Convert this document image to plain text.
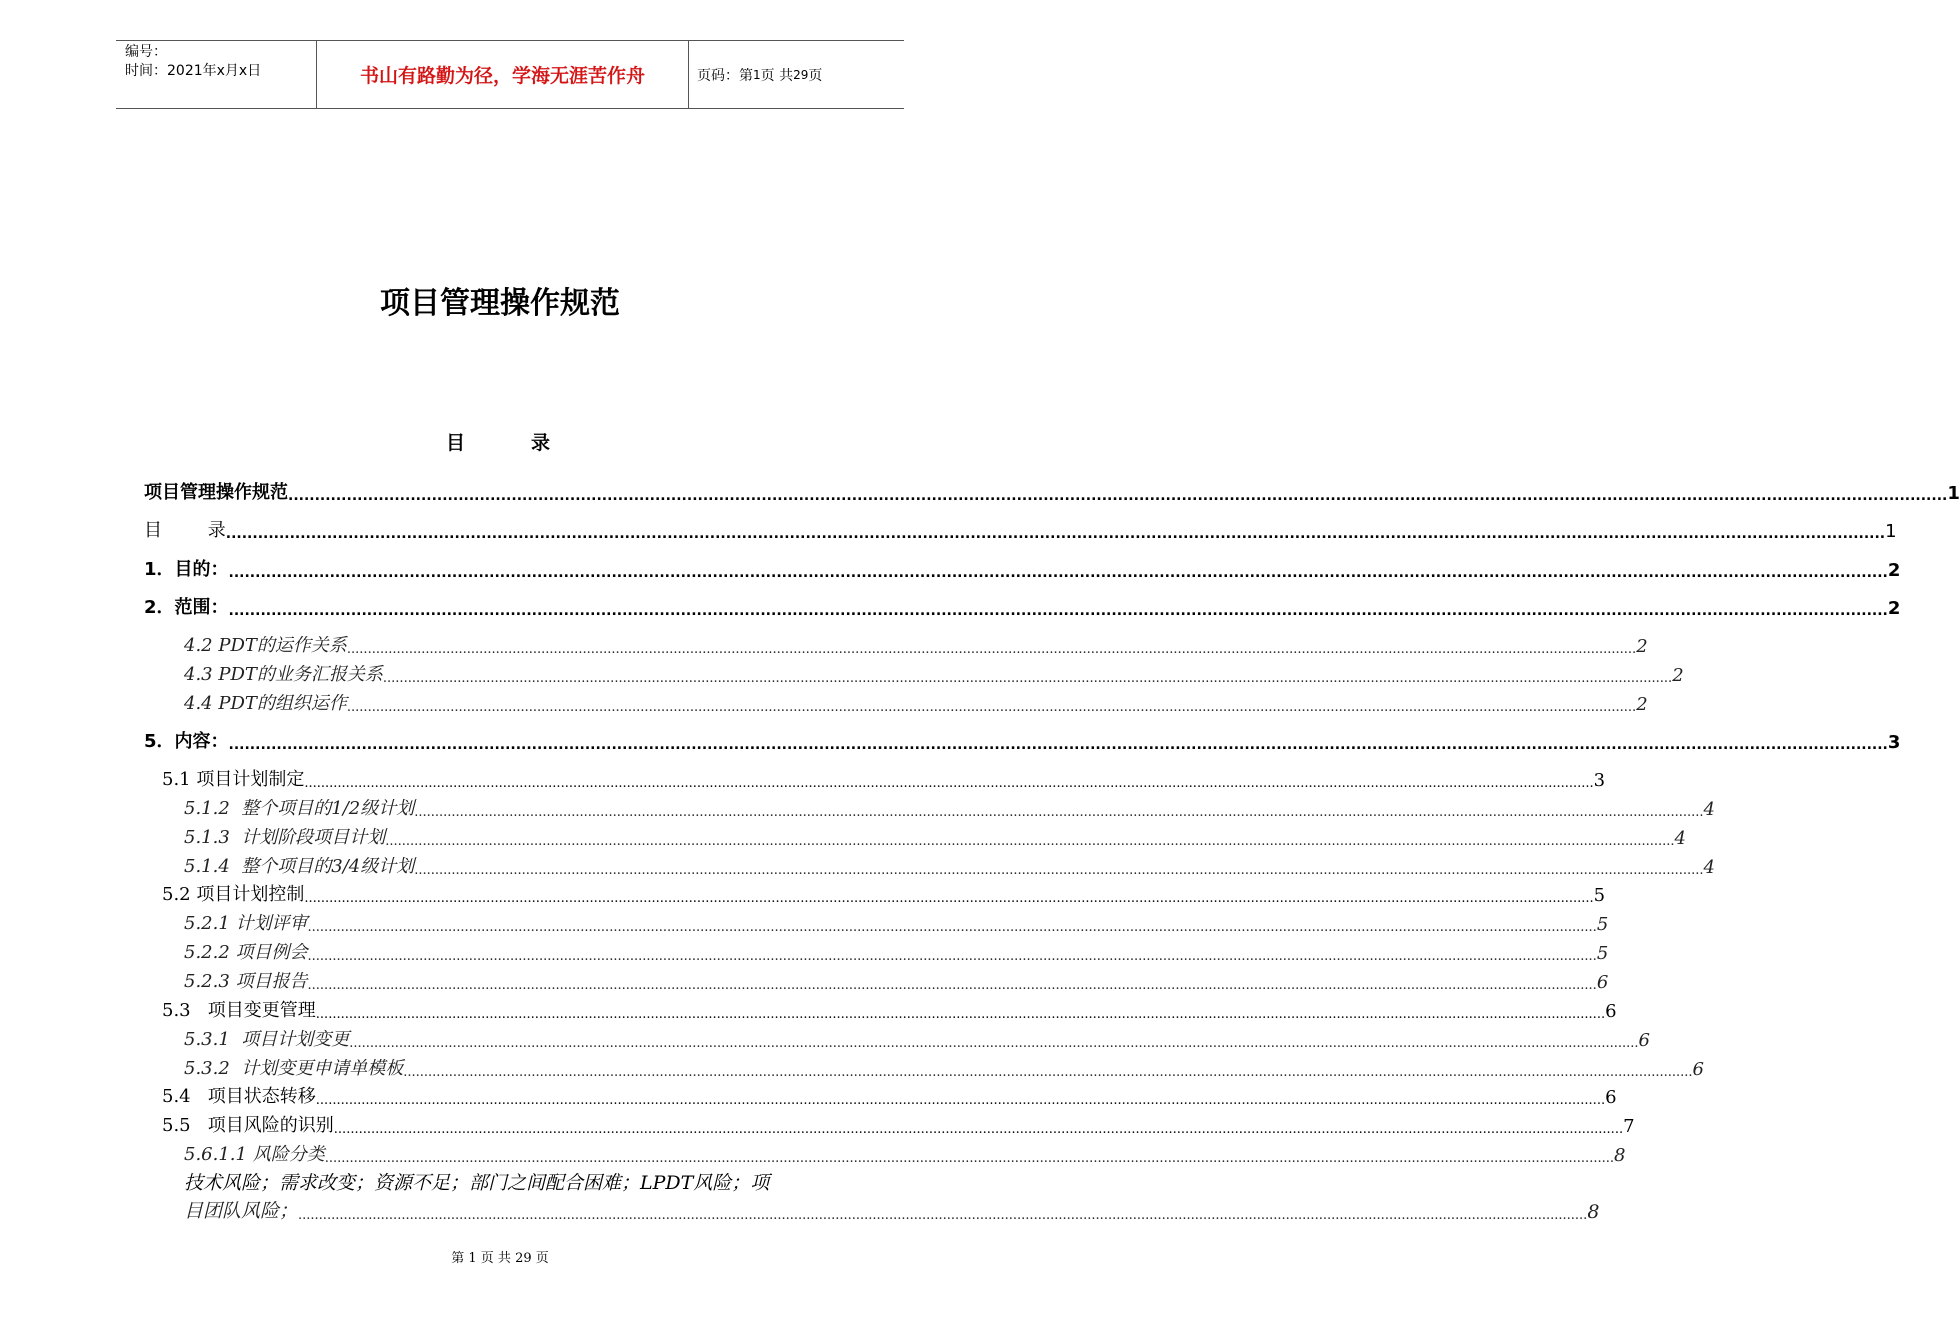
编号：
时间：2021年x月x日	书山有路勤为径，学海无涯苦作舟	页码：第 1 页 共 29 页
项目管理操作规范
目	录
项目管理操作规范 .....	1
目        录 .....	1
1．目的： .....	2
2．范围： .....	2
4.2 PDT的运作关系 .....	2
4.3 PDT的业务汇报关系 .....	2
4.4 PDT的组织运作 .....	2
5．内容： .....	3
5.1 项目计划制定 .....	3
5.1.2  整个项目的1/2级计划 .....	4
5.1.3  计划阶段项目计划 .....	4
5.1.4  整个项目的3/4级计划 .....	4
5.2 项目计划控制 .....	5
5.2.1 计划评审 .....	5
5.2.2 项目例会 .....	5
5.2.3 项目报告 .....	6
5.3   项目变更管理 .....	6
5.3.1  项目计划变更 .....	6
5.3.2  计划变更申请单模板 .....	6
5.4   项目状态转移 .....	6
5.5   项目风险的识别 .....	7
5.6.1.1 风险分类 .....	8
技术风险；需求改变；资源不足；部门之间配合困难；LPDT风险；项
目团队风险； .....	8
第 1 页 共 29 页
